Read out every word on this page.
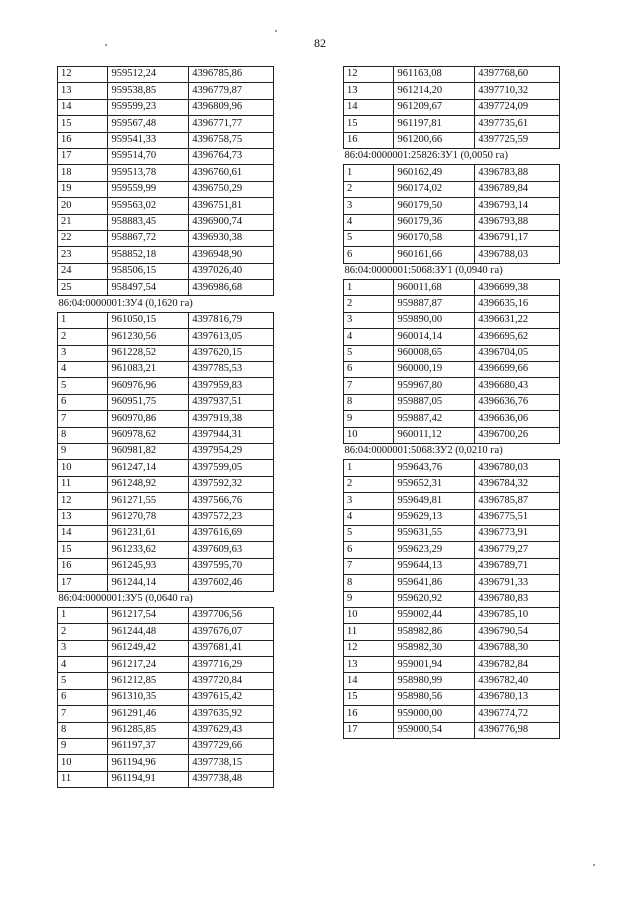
82
12	959512,24	4396785,86
13	959538,85	4396779,87
14	959599,23	4396809,96
15	959567,48	4396771,77
16	959541,33	4396758,75
17	959514,70	4396764,73
18	959513,78	4396760,61
19	959559,99	4396750,29
20	959563,02	4396751,81
21	958883,45	4396900,74
22	958867,72	4396930,38
23	958852,18	4396948,90
24	958506,15	4397026,40
25	958497,54	4396986,68
86:04:0000001:ЗУ4 (0,1620 га)		
1	961050,15	4397816,79
2	961230,56	4397613,05
3	961228,52	4397620,15
4	961083,21	4397785,53
5	960976,96	4397959,83
6	960951,75	4397937,51
7	960970,86	4397919,38
8	960978,62	4397944,31
9	960981,82	4397954,29
10	961247,14	4397599,05
11	961248,92	4397592,32
12	961271,55	4397566,76
13	961270,78	4397572,23
14	961231,61	4397616,69
15	961233,62	4397609,63
16	961245,93	4397595,70
17	961244,14	4397602,46
86:04:0000001:ЗУ5 (0,0640 га)		
1	961217,54	4397706,56
2	961244,48	4397676,07
3	961249,42	4397681,41
4	961217,24	4397716,29
5	961212,85	4397720,84
6	961310,35	4397615,42
7	961291,46	4397635,92
8	961285,85	4397629,43
9	961197,37	4397729,66
10	961194,96	4397738,15
11	961194,91	4397738,48
12	961163,08	4397768,60
13	961214,20	4397710,32
14	961209,67	4397724,09
15	961197,81	4397735,61
16	961200,66	4397725,59
86:04:0000001:25826:ЗУ1 (0,0050 га)		
1	960162,49	4396783,88
2	960174,02	4396789,84
3	960179,50	4396793,14
4	960179,36	4396793,88
5	960170,58	4396791,17
6	960161,66	4396788,03
86:04:0000001:5068:ЗУ1 (0,0940 га)		
1	960011,68	4396699,38
2	959887,87	4396635,16
3	959890,00	4396631,22
4	960014,14	4396695,62
5	960008,65	4396704,05
6	960000,19	4396699,66
7	959967,80	4396680,43
8	959887,05	4396636,76
9	959887,42	4396636,06
10	960011,12	4396700,26
86:04:0000001:5068:ЗУ2 (0,0210 га)		
1	959643,76	4396780,03
2	959652,31	4396784,32
3	959649,81	4396785,87
4	959629,13	4396775,51
5	959631,55	4396773,91
6	959623,29	4396779,27
7	959644,13	4396789,71
8	959641,86	4396791,33
9	959620,92	4396780,83
10	959002,44	4396785,10
11	958982,86	4396790,54
12	958982,30	4396788,30
13	959001,94	4396782,84
14	958980,99	4396782,40
15	958980,56	4396780,13
16	959000,00	4396774,72
17	959000,54	4396776,98
